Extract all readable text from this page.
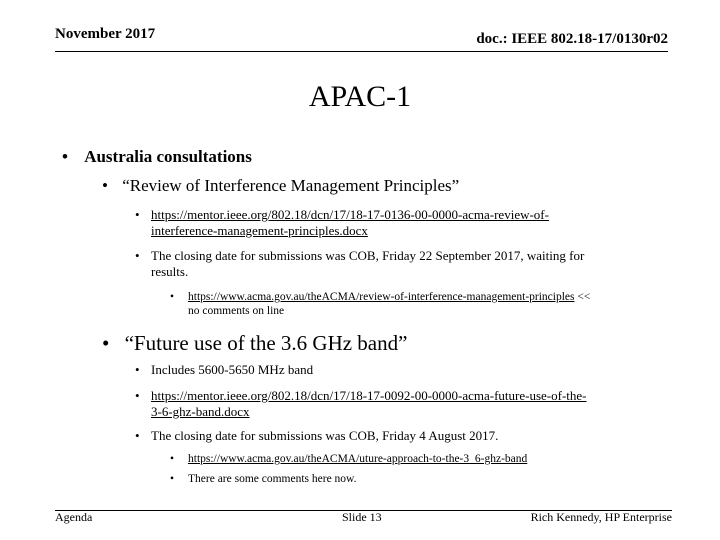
November 2017	doc.: IEEE 802.18-17/0130r02
APAC-1
• Australia consultations
• “Review of Interference Management Principles”
• https://mentor.ieee.org/802.18/dcn/17/18-17-0136-00-0000-acma-review-of-
interference-management-principles.docx
• The closing date for submissions was COB, Friday 22 September 2017, waiting for
results.
• https://www.acma.gov.au/theACMA/review-of-interference-management-principles <<
no comments on line
• “Future use of the 3.6 GHz band”
• Includes 5600-5650 MHz band
• https://mentor.ieee.org/802.18/dcn/17/18-17-0092-00-0000-acma-future-use-of-the-
3-6-ghz-band.docx
• The closing date for submissions was COB, Friday 4 August 2017.
• https://www.acma.gov.au/theACMA/uture-approach-to-the-3_6-ghz-band
• There are some comments here now.
Agenda	Slide 13	Rich Kennedy, HP Enterprise
